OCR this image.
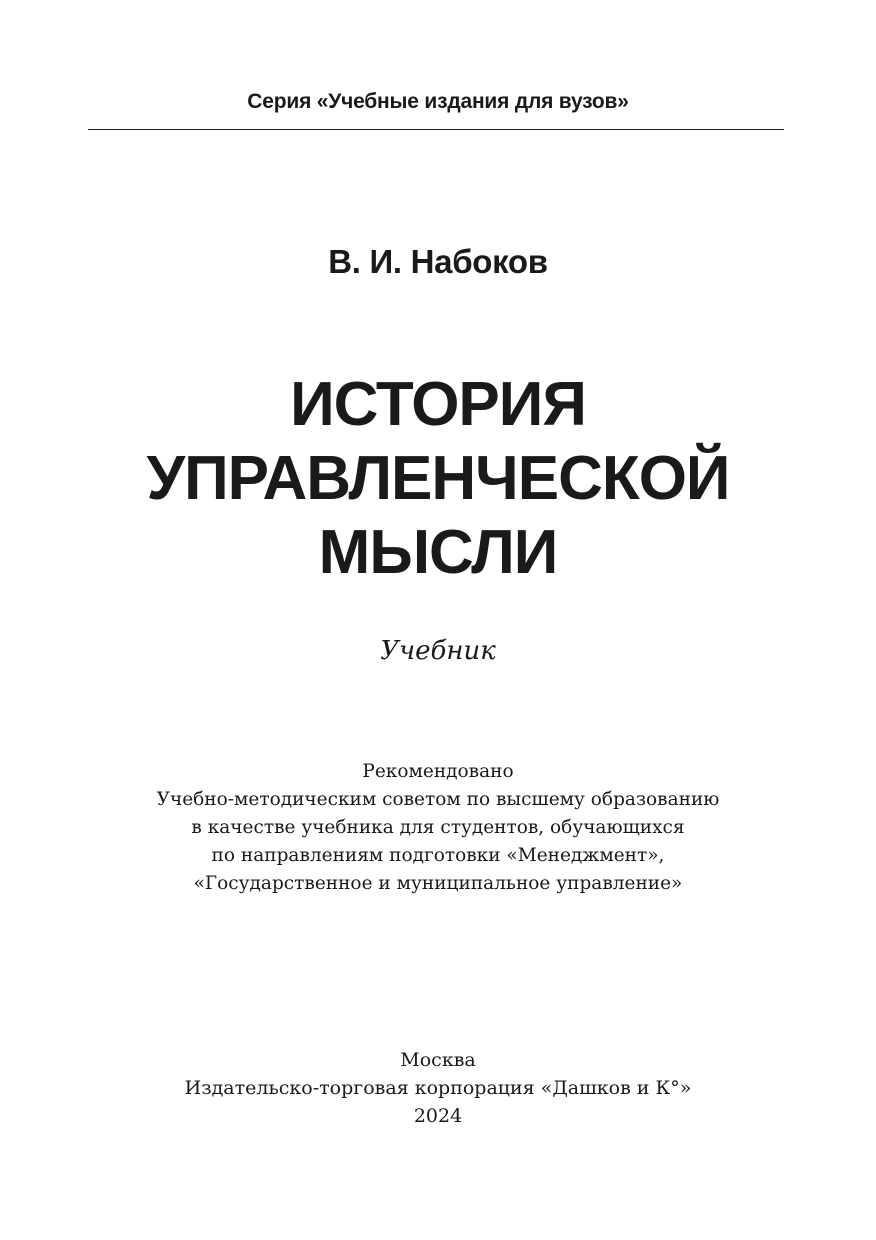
Серия «Учебные издания для вузов»
В. И. Набоков
ИСТОРИЯ
УПРАВЛЕНЧЕСКОЙ
МЫСЛИ
Учебник
Рекомендовано
Учебно-методическим советом по высшему образованию
в качестве учебника для студентов, обучающихся
по направлениям подготовки «Менеджмент»,
«Государственное и муниципальное управление»
Москва
Издательско-торговая корпорация «Дашков и К°»
2024
